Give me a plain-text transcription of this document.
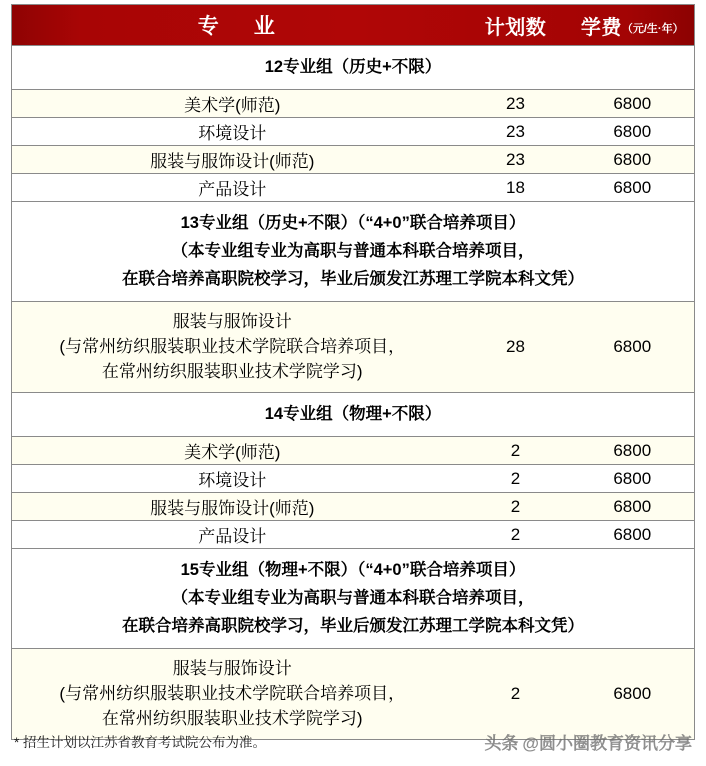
专　业	计划数	学费（元/生·年）

12专业组（历史+不限）		

美术学(师范)	23	6800
环境设计	23	6800
服装与服饰设计(师范)	23	6800
产品设计	18	6800

13专业组（历史+不限）（“4+0”联合培养项目）
（本专业组专业为高职与普通本科联合培养项目，
在联合培养高职院校学习，毕业后颁发江苏理工学院本科文凭）		

服装与服饰设计
(与常州纺织服装职业技术学院联合培养项目，
在常州纺织服装职业技术学院学习)	28	6800

14专业组（物理+不限）		

美术学(师范)	2	6800
环境设计	2	6800
服装与服饰设计(师范)	2	6800
产品设计	2	6800

15专业组（物理+不限）（“4+0”联合培养项目）
（本专业组专业为高职与普通本科联合培养项目，
在联合培养高职院校学习，毕业后颁发江苏理工学院本科文凭）		

服装与服饰设计
(与常州纺织服装职业技术学院联合培养项目，
在常州纺织服装职业技术学院学习)	2	6800
* 招生计划以江苏省教育考试院公布为准。	头条 @圆小圈教育资讯分享
